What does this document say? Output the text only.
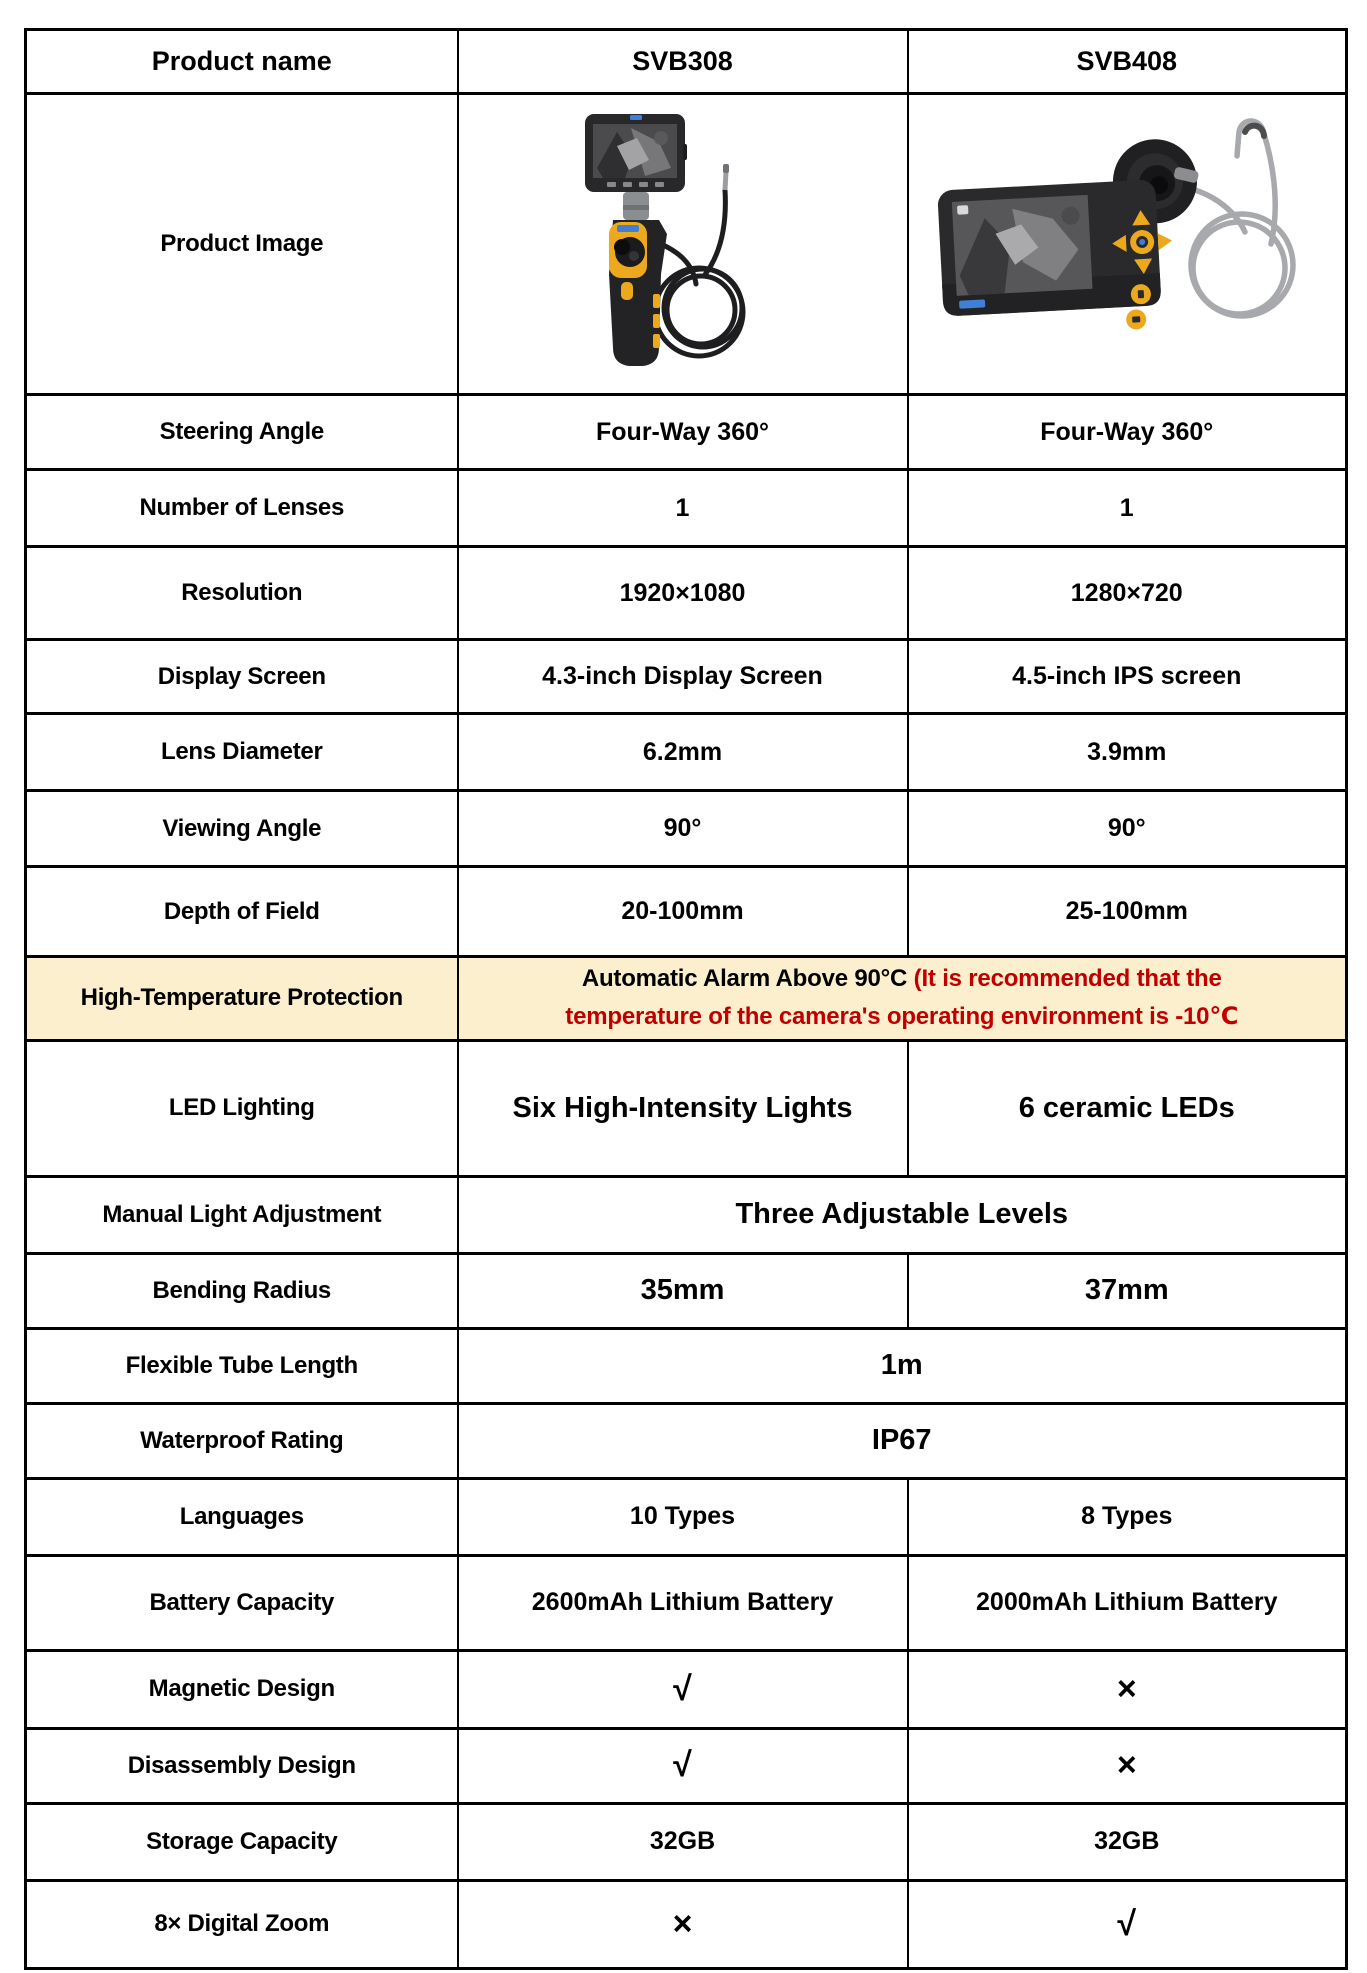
Product name	SVB308	SVB408
Product Image	

Steering Angle	Four-Way 360°	Four-Way 360°
Number of Lenses	1	1
Resolution	1920×1080	1280×720
Display Screen	4.3-inch Display Screen	4.5-inch IPS screen
Lens Diameter	6.2mm	3.9mm
Viewing Angle	90°	90°
Depth of Field	20-100mm	25-100mm
High-Temperature Protection	Automatic Alarm Above 90°C (It is recommended that the
temperature of the camera's operating environment is -10℃	
LED Lighting	Six High-Intensity Lights	6 ceramic LEDs
Manual Light Adjustment	Three Adjustable Levels	
Bending Radius	35mm	37mm
Flexible Tube Length	1m	
Waterproof Rating	IP67	
Languages	10 Types	8 Types
Battery Capacity	2600mAh Lithium Battery	2000mAh Lithium Battery
Magnetic Design	√	×
Disassembly Design	√	×
Storage Capacity	32GB	32GB
8× Digital Zoom	×	√
